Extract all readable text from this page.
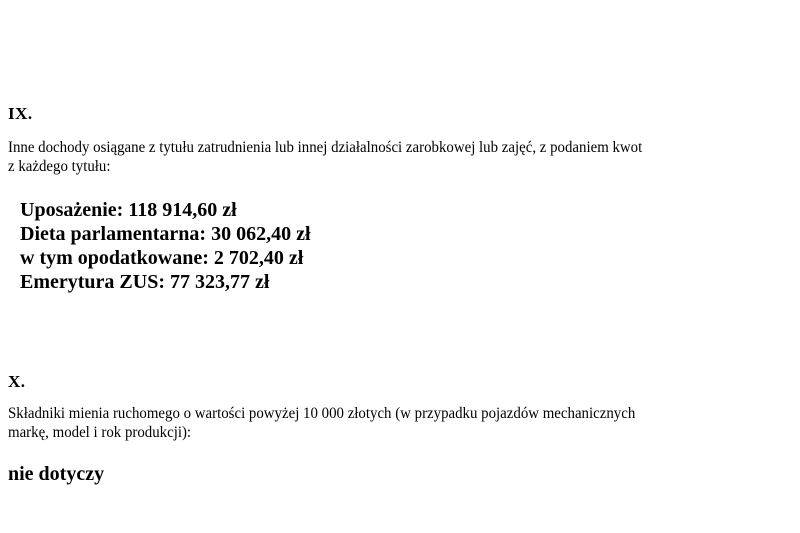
IX.
Inne dochody osiągane z tytułu zatrudnienia lub innej działalności zarobkowej lub zajęć, z podaniem kwot
z każdego tytułu:
Uposażenie: 118 914,60 zł
Dieta parlamentarna: 30 062,40 zł
w tym opodatkowane: 2 702,40 zł
Emerytura ZUS: 77 323,77 zł
X.
Składniki mienia ruchomego o wartości powyżej 10 000 złotych (w przypadku pojazdów mechanicznych
markę, model i rok produkcji):
nie dotyczy
